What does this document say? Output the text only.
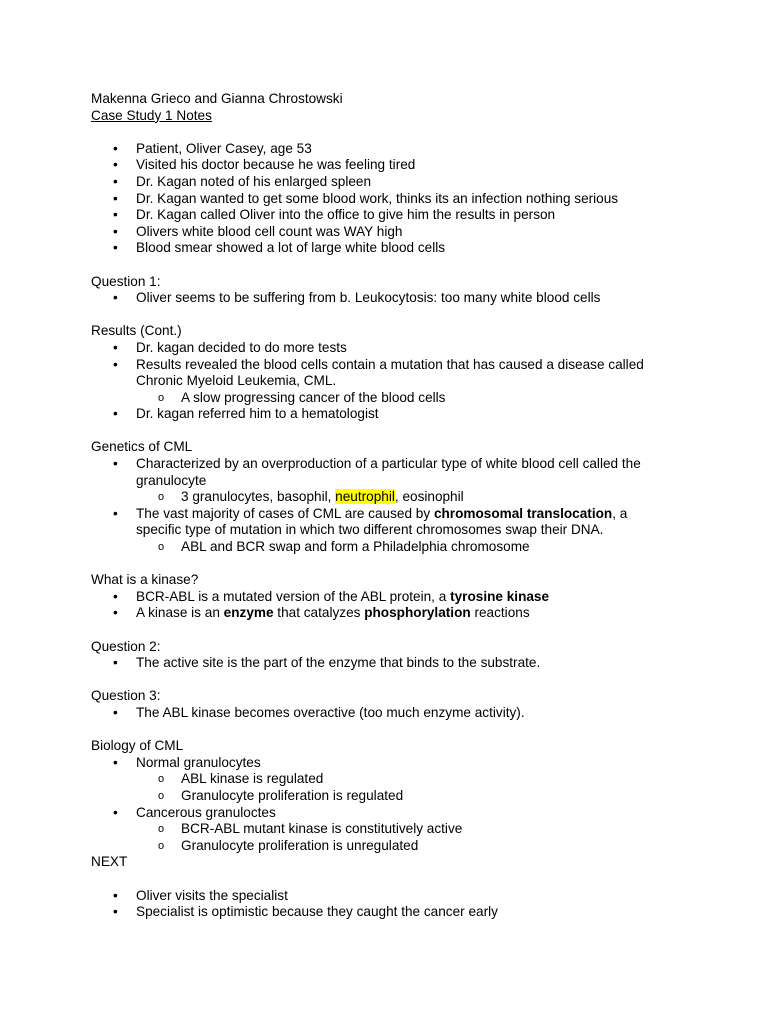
Makenna Grieco and Gianna Chrostowski
Case Study 1 Notes
• Patient, Oliver Casey, age 53
• Visited his doctor because he was feeling tired
• Dr. Kagan noted of his enlarged spleen
• Dr. Kagan wanted to get some blood work, thinks its an infection nothing serious
• Dr. Kagan called Oliver into the office to give him the results in person
• Olivers white blood cell count was WAY high
• Blood smear showed a lot of large white blood cells
Question 1:
• Oliver seems to be suffering from b. Leukocytosis: too many white blood cells
Results (Cont.)
• Dr. kagan decided to do more tests
• Results revealed the blood cells contain a mutation that has caused a disease called
Chronic Myeloid Leukemia, CML.
o A slow progressing cancer of the blood cells
• Dr. kagan referred him to a hematologist
Genetics of CML
• Characterized by an overproduction of a particular type of white blood cell called the
granulocyte
o 3 granulocytes, basophil, neutrophil, eosinophil
• The vast majority of cases of CML are caused by chromosomal translocation, a
specific type of mutation in which two different chromosomes swap their DNA.
o ABL and BCR swap and form a Philadelphia chromosome
What is a kinase?
• BCR-ABL is a mutated version of the ABL protein, a tyrosine kinase
• A kinase is an enzyme that catalyzes phosphorylation reactions
Question 2:
• The active site is the part of the enzyme that binds to the substrate.
Question 3:
• The ABL kinase becomes overactive (too much enzyme activity).
Biology of CML
• Normal granulocytes
o ABL kinase is regulated
o Granulocyte proliferation is regulated
• Cancerous granuloctes
o BCR-ABL mutant kinase is constitutively active
o Granulocyte proliferation is unregulated
NEXT
• Oliver visits the specialist
• Specialist is optimistic because they caught the cancer early
